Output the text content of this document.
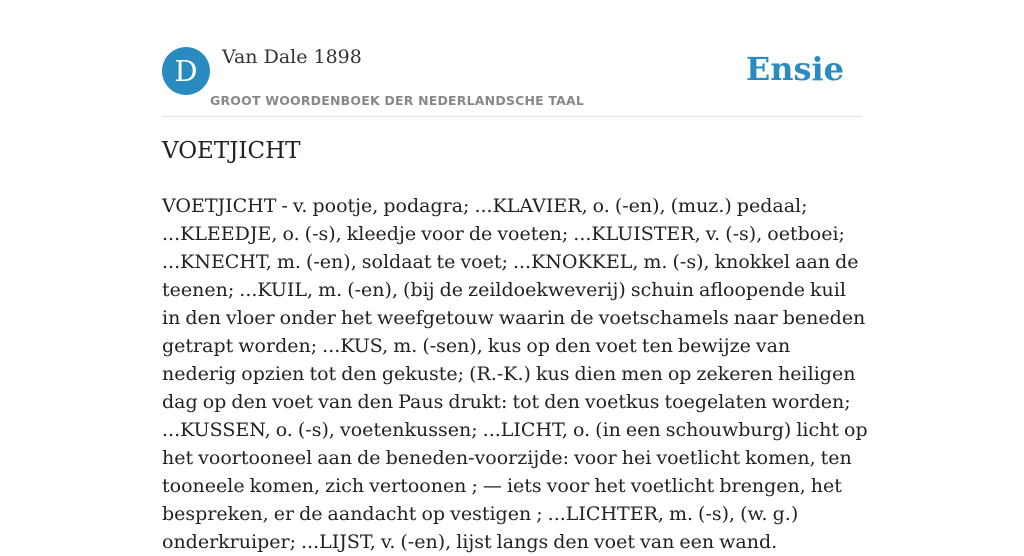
D	Van Dale 1898
GROOT WOORDENBOEK DER NEDERLANDSCHE TAAL
Ensie
VOETJICHT

VOETJICHT - v. pootje, podagra; ...KLAVIER, o. (-en), (muz.) pedaal; ...KLEEDJE, o. (-s), kleedje voor de voeten; ...KLUISTER, v. (-s), oetboei; ...KNECHT, m. (-en), soldaat te voet; ...KNOKKEL, m. (-s), knokkel aan de teenen; ...KUIL, m. (-en), (bij de zeildoekweverij) schuin afloopende kuil in den vloer onder het weefgetouw waarin de voetschamels naar beneden getrapt worden; ...KUS, m. (-sen), kus op den voet ten bewijze van nederig opzien tot den gekuste; (R.-K.) kus dien men op zekeren heiligen dag op den voet van den Paus drukt: tot den voetkus toegelaten worden; ...KUSSEN, o. (-s), voetenkussen; ...LICHT, o. (in een schouwburg) licht op het voortooneel aan de beneden-voorzijde: voor hei voetlicht komen, ten tooneele komen, zich vertoonen ; — iets voor het voetlicht brengen, het bespreken, er de aandacht op vestigen ; ...LICHTER, m. (-s), (w. g.) onderkruiper; ...LIJST, v. (-en), lijst langs den voet van een wand.
